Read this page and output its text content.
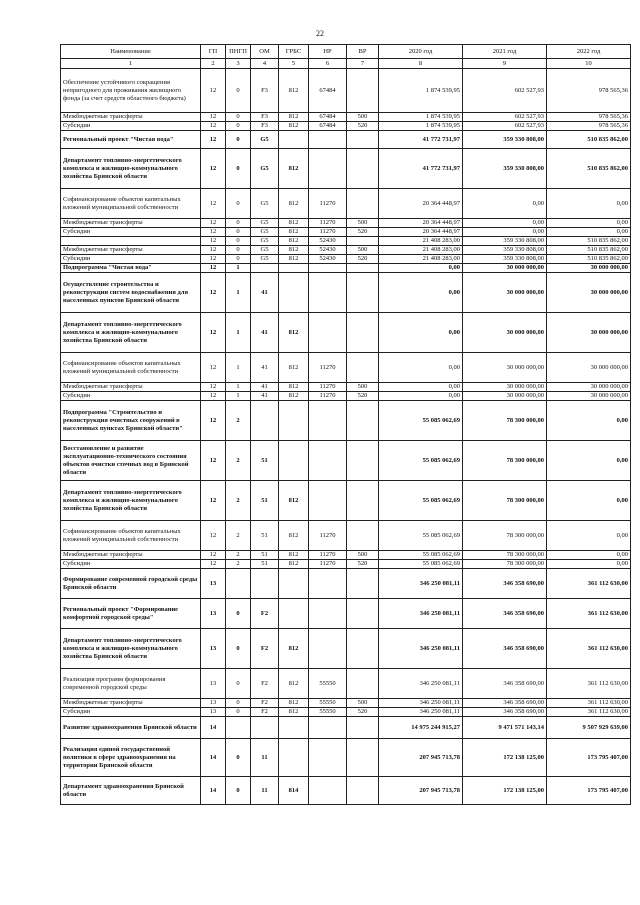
22
Наименование	ГП	ПНГП	ОМ	ГРБС	НР	ВР	2020 год	2021 год	2022 год
1	2	3	4	5	6	7	8	9	10
Обеспечение устойчивого сокращения непригодного для проживания жилищного фонда (за счет средств областного бюджета)	12	0	F3	812	67484		1 874 539,95	602 527,93	978 565,36
Межбюджетные трансферты	12	0	F3	812	67484	500	1 874 539,95	602 527,93	978 565,36
Субсидии	12	0	F3	812	67484	520	1 874 539,95	602 527,93	978 565,36
Региональный проект "Чистая вода"	12	0	G5				41 772 731,97	359 330 808,00	510 835 862,00
Департамент топливно-энергетического комплекса и жилищно-коммунального хозяйства Брянской области	12	0	G5	812			41 772 731,97	359 330 808,00	510 835 862,00
Софинансирование объектов капитальных вложений муниципальной собственности	12	0	G5	812	11270		20 364 448,97	0,00	0,00
Межбюджетные трансферты	12	0	G5	812	11270	500	20 364 448,97	0,00	0,00
Субсидии	12	0	G5	812	11270	520	20 364 448,97	0,00	0,00
	12	0	G5	812	52430		21 408 283,00	359 330 808,00	510 835 862,00
Межбюджетные трансферты	12	0	G5	812	52430	500	21 408 283,00	359 330 808,00	510 835 862,00
Субсидии	12	0	G5	812	52430	520	21 408 283,00	359 330 808,00	510 835 862,00
Подпрограмма "Чистая вода"	12	1					0,00	30 000 000,00	30 000 000,00
Осуществление строительства и реконструкции систем водоснабжения для населенных пунктов Брянской области	12	1	41				0,00	30 000 000,00	30 000 000,00
Департамент топливно-энергетического комплекса и жилищно-коммунального хозяйства Брянской области	12	1	41	812			0,00	30 000 000,00	30 000 000,00
Софинансирование объектов капитальных вложений муниципальной собственности	12	1	41	812	11270		0,00	30 000 000,00	30 000 000,00
Межбюджетные трансферты	12	1	41	812	11270	500	0,00	30 000 000,00	30 000 000,00
Субсидии	12	1	41	812	11270	520	0,00	30 000 000,00	30 000 000,00
Подпрограмма "Строительство и реконструкция очистных сооружений в населенных пунктах Брянской области"	12	2					55 085 062,69	78 300 000,00	0,00
Восстановление и развитие эксплуатационно-технического состояния объектов очистки сточных вод в Брянской области	12	2	51				55 085 062,69	78 300 000,00	0,00
Департамент топливно-энергетического комплекса и жилищно-коммунального хозяйства Брянской области	12	2	51	812			55 085 062,69	78 300 000,00	0,00
Софинансирование объектов капитальных вложений муниципальной собственности	12	2	51	812	11270		55 085 062,69	78 300 000,00	0,00
Межбюджетные трансферты	12	2	51	812	11270	500	55 085 062,69	78 300 000,00	0,00
Субсидии	12	2	51	812	11270	520	55 085 062,69	78 300 000,00	0,00
Формирование современной городской среды Брянской области	13						346 250 081,11	346 358 690,00	361 112 630,00
Региональный проект "Формирование комфортной городской среды"	13	0	F2				346 250 081,11	346 358 690,00	361 112 630,00
Департамент топливно-энергетического комплекса и жилищно-коммунального хозяйства Брянской области	13	0	F2	812			346 250 081,11	346 358 690,00	361 112 630,00
Реализация программ формирования современной городской среды	13	0	F2	812	55550		346 250 081,11	346 358 690,00	361 112 630,00
Межбюджетные трансферты	13	0	F2	812	55550	500	346 250 081,11	346 358 690,00	361 112 630,00
Субсидии	13	0	F2	812	55550	520	346 250 081,11	346 358 690,00	361 112 630,00
Развитие здравоохранения Брянской области	14						14 975 244 915,27	9 471 571 143,14	9 507 929 639,00
Реализация единой государственной политики в сфере здравоохранения на территории Брянской области	14	0	11				207 945 713,78	172 138 125,00	173 795 407,00
Департамент здравоохранения Брянской области	14	0	11	814			207 945 713,78	172 138 125,00	173 795 407,00
